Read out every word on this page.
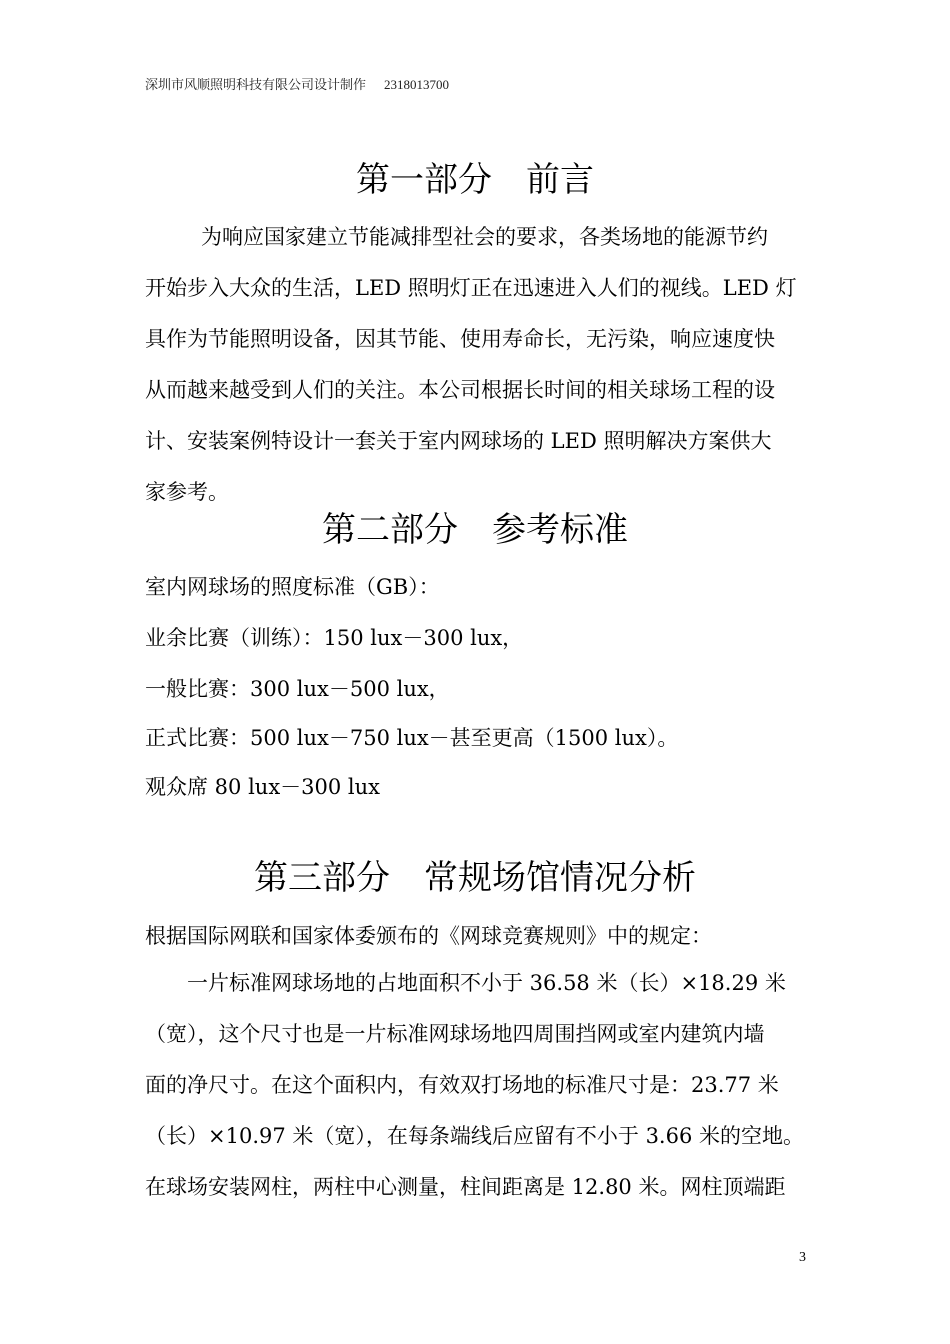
深圳市风顺照明科技有限公司设计制作 2318013700
第一部分　前言

为响应国家建立节能减排型社会的要求，各类场地的能源节约

开始步入大众的生活，LED 照明灯正在迅速进入人们的视线。LED 灯

具作为节能照明设备，因其节能、使用寿命长，无污染，响应速度快

从而越来越受到人们的关注。本公司根据长时间的相关球场工程的设

计、安装案例特设计一套关于室内网球场的 LED 照明解决方案供大

家参考。

第二部分　参考标准
室内网球场的照度标准（GB）：
业余比赛（训练）：150 lux－300 lux，
一般比赛：300 lux－500 lux，
正式比赛：500 lux－750 lux－甚至更高（1500 lux）。
观众席 80 lux－300 lux
第三部分　常规场馆情况分析
根据国际网联和国家体委颁布的《网球竞赛规则》中的规定：

一片标准网球场地的占地面积不小于 36.58 米（长）×18.29 米

（宽），这个尺寸也是一片标准网球场地四周围挡网或室内建筑内墙

面的净尺寸。在这个面积内，有效双打场地的标准尺寸是：23.77 米

（长）×10.97 米（宽），在每条端线后应留有不小于 3.66 米的空地。

在球场安装网柱，两柱中心测量，柱间距离是 12.80 米。网柱顶端距

3
